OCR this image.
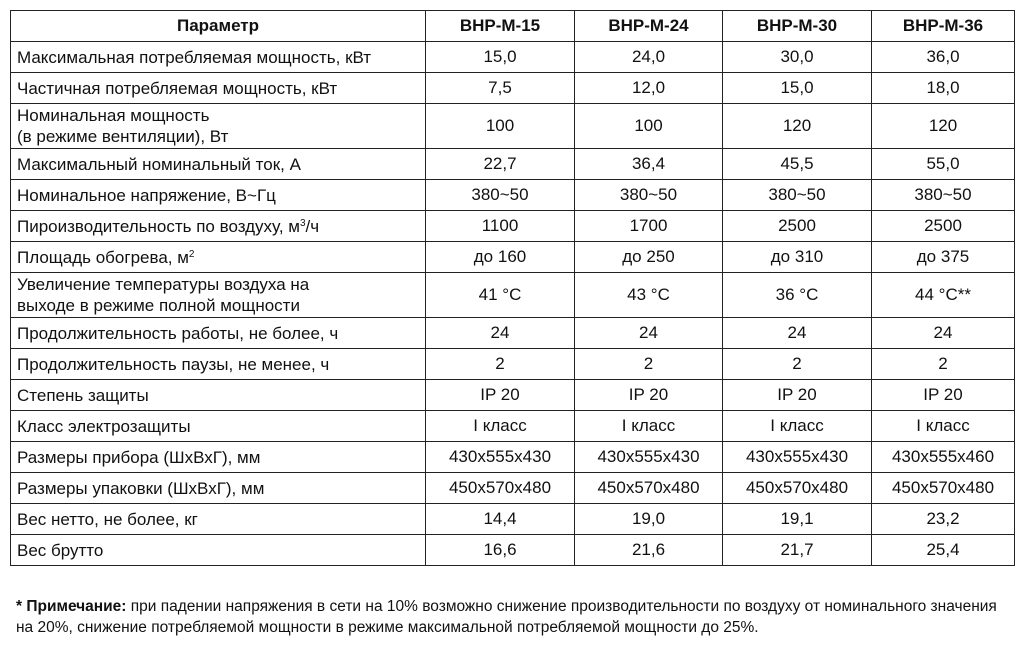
Параметр	ВНР-М-15	ВНР-М-24	ВНР-М-30	ВНР-М-36
Максимальная потребляемая мощность, кВт	15,0	24,0	30,0	36,0
Частичная потребляемая мощность, кВт	7,5	12,0	15,0	18,0
Номинальная мощность
(в режиме вентиляции), Вт	100	100	120	120
Максимальный номинальный ток, А	22,7	36,4	45,5	55,0
Номинальное напряжение, В~Гц	380~50	380~50	380~50	380~50
Пироизводительность по воздуху, $м^3/ч$	1100	1700	2500	2500
Площадь обогрева, $м^2$	до 160	до 250	до 310	до 375
Увеличение температуры воздуха на
выходе в режиме полной мощности	41 °C	43 °C	36 °C	44 °C**
Продолжительность работы, не более, ч	24	24	24	24
Продолжительность паузы, не менее, ч	2	2	2	2
Степень защиты	IP 20	IP 20	IP 20	IP 20
Класс электрозащиты	I класс	I класс	I класс	I класс
Размеры прибора (ШхВхГ), мм	430x555x430	430x555x430	430x555x430	430x555x460
Размеры упаковки (ШхВхГ), мм	450x570x480	450x570x480	450x570x480	450x570x480
Вес нетто, не более, кг	14,4	19,0	19,1	23,2
Вес брутто	16,6	21,6	21,7	25,4
* Примечание: при падении напряжения в сети на 10% возможно снижение производительности по воздуху от номинального значения на 20%, снижение потребляемой мощности в режиме максимальной потребляемой мощности до 25%.
